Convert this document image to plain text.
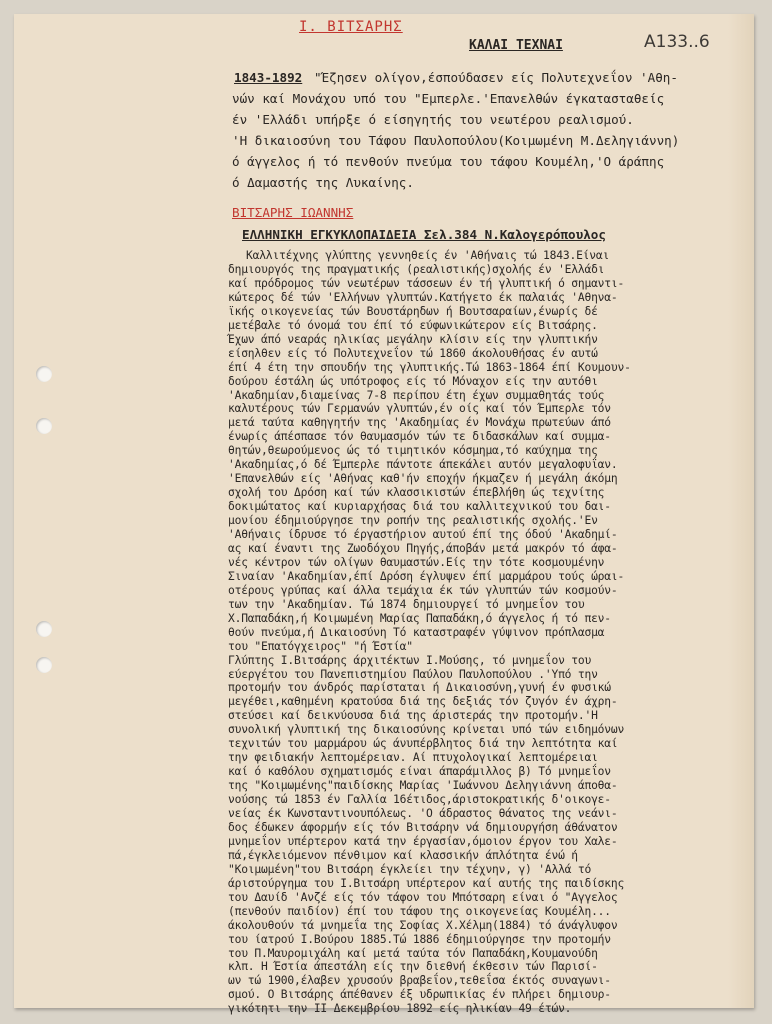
Ι. ΒΙΤΣΑΡΗΣ
Α133..6
ΚΑΛΑΙ ΤΕΧΝΑΙ
1843-1892 "Έζησεν ολίγον,έσπούδασεν είς Πολυτεχνεΐον 'Αθη-
νών καί Μονάχου υπό του "Εμπερλε.'Επανελθών έγκατασταθείς
έν 'Ελλάδι υπήρξε ό είσηγητής του νεωτέρου ρεαλισμού.
'Η δικαιοσύνη του Τάφου Παυλοπούλου(Κοιμωμένη Μ.Δεληγιάννη)
ό άγγελος ή τό πενθούν πνεύμα του τάφου Κουμέλη,'Ο άράπης
ό Δαμαστής της Λυκαίνης.
ΒΙΤΣΑΡΗΣ ΙΩΑΝΝΗΣ
ΕΛΛΗΝΙΚΗ ΕΓΚΥΚΛΟΠΑΙΔΕΙΑ Σελ.384 Ν.Καλογερόπουλος
Καλλιτέχνης γλύπτης γεννηθείς έν 'Αθήναις τώ 1843.Είναι
δημιουργός της πραγματικής (ρεαλιστικής)σχολής έν 'Ελλάδι
καί πρόδρομος τών νεωτέρων τάσσεων έν τή γλυπτική ό σημαντι-
κώτερος δέ τών 'Ελλήνων γλυπτών.Κατήγετο έκ παλαιάς 'Αθηνα-
ϊκής οικογενείας τών Βουστάρηδων ή Βουτσαραίων,ένωρίς δέ
μετέβαλε τό όνομά του έπί τό εύφωνικώτερον είς Βιτσάρης.
Έχων άπό νεαράς ηλικίας μεγάλην κλίσιν είς την γλυπτικήν
είσηλθεν είς τό Πολυτεχνεΐον τώ 1860 άκολουθήσας έν αυτώ
έπί 4 έτη την σπουδήν της γλυπτικής.Τώ 1863-1864 έπί Κουμουν-
δούρου έστάλη ώς υπότροφος είς τό Μόναχον είς την αυτόθι
'Ακαδημίαν,διαμείνας 7-8 περίπου έτη έχων συμμαθητάς τούς
καλυτέρους τών Γερμανών γλυπτών,έν οίς καί τόν Έμπερλε τόν
μετά ταύτα καθηγητήν της 'Ακαδημίας έν Μονάχω πρωτεύων άπό
ένωρίς άπέσπασε τόν θαυμασμόν τών τε διδασκάλων καί συμμα-
θητών,θεωρούμενος ώς τό τιμητικόν κόσμημα,τό καύχημα της
'Ακαδημίας,ό δέ Έμπερλε πάντοτε άπεκάλει αυτόν μεγαλοφυΐαν.
'Επανελθών είς 'Αθήνας καθ'ήν εποχήν ήκμαζεν ή μεγάλη άκόμη
σχολή του Δρόση καί τών κλασσικιστών έπεβλήθη ώς τεχνίτης
δοκιμώτατος καί κυριαρχήσας διά του καλλιτεχνικού του δαι-
μονίου έδημιούργησε την ροπήν της ρεαλιστικής σχολής.'Εν
'Αθήναις ίδρυσε τό έργαστήριον αυτού έπί της όδού 'Ακαδημί-
ας καί έναντι της Ζωοδόχου Πηγής,άποβάν μετά μακρόν τό άφα-
νές κέντρον τών ολίγων θαυμαστών.Είς την τότε κοσμουμένην
Σιναίαν 'Ακαδημίαν,έπί Δρόση έγλυψεν έπί μαρμάρου τούς ώραι-
οτέρους γρύπας καί άλλα τεμάχια έκ τών γλυπτών τών κοσμούν-
των την 'Ακαδημίαν. Τώ 1874 δημιουργεί τό μνημεΐον του
Χ.Παπαδάκη,ή Κοιμωμένη Μαρίας Παπαδάκη,ό άγγελος ή τό πεν-
θούν πνεύμα,ή Δικαιοσύνη Τό καταστραφέν γύψινον πρόπλασμα
του "Επατόγχειρος" "ή Έστία"
Γλύπτης Ι.Βιτσάρης άρχιτέκτων Ι.Μούσης, τό μνημεΐον του
εύεργέτου του Πανεπιστημίου Παύλου Παυλοπούλου .'Υπό την
προτομήν του άνδρός παρίσταται ή Δικαιοσύνη,γυνή έν φυσικώ
μεγέθει,καθημένη κρατούσα διά της δεξιάς τόν ζυγόν έν άχρη-
στεύσει καί δεικνύουσα διά της άριστεράς την προτομήν.'Η
συνολική γλυπτική της δικαιοσύνης κρίνεται υπό τών ειδημόνων
τεχνιτών του μαρμάρου ώς άνυπέρβλητος διά την λεπτότητα καί
την φειδιακήν λεπτομέρειαν. Αί πτυχολογικαί λεπτομέρειαι
καί ό καθόλου σχηματισμός είναι άπαράμιλλος β) Τό μνημεΐον
της "Κοιμωμένης"παιδίσκης Μαρίας 'Ιωάννου Δεληγιάννη άποθα-
νούσης τώ 1853 έν Γαλλία 16έτιδος,άριστοκρατικής δ'οικογε-
νείας έκ Κωνσταντινουπόλεως. 'Ο άδραστος θάνατος της νεάνι-
δος έδωκεν άφορμήν είς τόν Βιτσάρην νά δημιουργήση άθάνατον
μνημεΐον υπέρτερον κατά την έργασίαν,όμοιον έργον του Χαλε-
πά,έγκλειόμενον πένθιμον καί κλασσικήν άπλότητα ένώ ή
"Κοιμωμένη"του Βιτσάρη έγκλείει την τέχνην, γ) 'Αλλά τό
άριστούργημα του Ι.Βιτσάρη υπέρτερον καί αυτής της παιδίσκης
του Δαυίδ 'Ανζέ είς τόν τάφον του Μπότσαρη είναι ό "Αγγελος
(πενθούν παιδίον) έπί του τάφου της οικογενείας Κουμέλη...
άκολουθούν τά μνημεΐα της Σοφίας Χ.Χέλμη(1884) τό άνάγλυφον
του ίατρού Ι.Βούρου 1885.Τώ 1886 έδημιούργησε την προτομήν
του Π.Μαυρομιχάλη καί μετά ταύτα τόν Παπαδάκη,Κουμανούδη
κλπ. Η Έστία άπεστάλη είς την διεθνή έκθεσιν τών Παρισί-
ων τώ 1900,έλαβεν χρυσούν βραβεΐον,τεθεΐσα έκτός συναγωνι-
σμού. Ο Βιτσάρης άπέθανεν έξ υδρωπικίας έν πλήρει δημιουρ-
γικότητι την ΙΙ Δεκεμβρίου 1892 είς ηλικίαν 49 έτών.
